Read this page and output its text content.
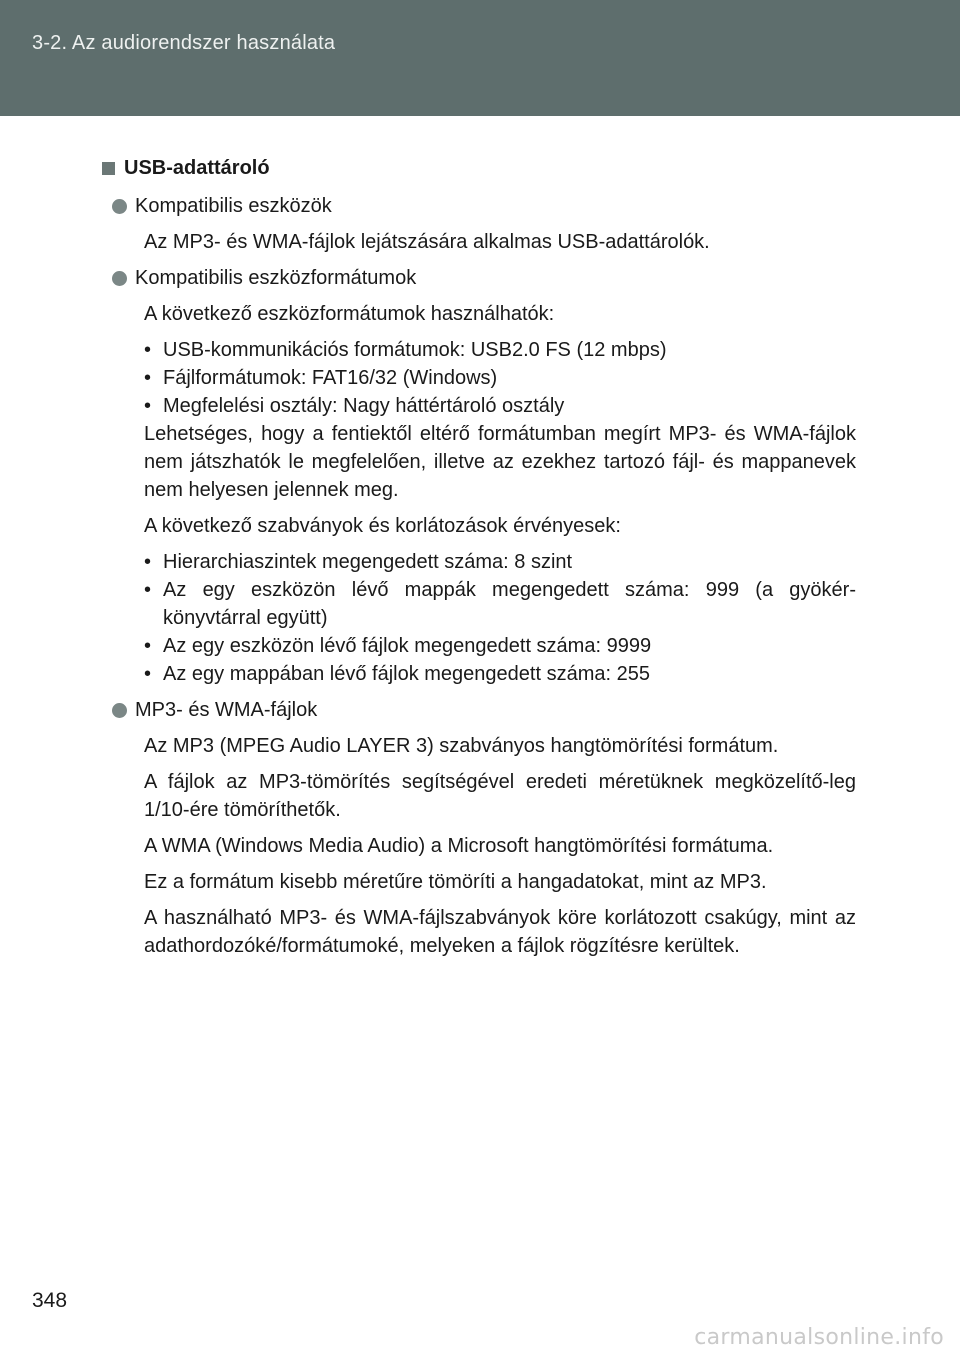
3-2. Az audiorendszer használata
USB-adattároló
Kompatibilis eszközök
Az MP3- és WMA-fájlok lejátszására alkalmas USB-adattárolók.
Kompatibilis eszközformátumok
A következő eszközformátumok használhatók:
• USB-kommunikációs formátumok: USB2.0 FS (12 mbps)
• Fájlformátumok: FAT16/32 (Windows)
• Megfelelési osztály: Nagy háttértároló osztály
Lehetséges, hogy a fentiektől eltérő formátumban megírt MP3- és WMA-fájlok nem játszhatók le megfelelően, illetve az ezekhez tartozó fájl- és mappanevek nem helyesen jelennek meg.
A következő szabványok és korlátozások érvényesek:
• Hierarchiaszintek megengedett száma: 8 szint
• Az egy eszközön lévő mappák megengedett száma: 999 (a gyökér-könyvtárral együtt)
• Az egy eszközön lévő fájlok megengedett száma: 9999
• Az egy mappában lévő fájlok megengedett száma: 255
MP3- és WMA-fájlok
Az MP3 (MPEG Audio LAYER 3) szabványos hangtömörítési formátum.
A fájlok az MP3-tömörítés segítségével eredeti méretüknek megközelítő-leg 1/10-ére tömöríthetők.
A WMA (Windows Media Audio) a Microsoft hangtömörítési formátuma.
Ez a formátum kisebb méretűre tömöríti a hangadatokat, mint az MP3.
A használható MP3- és WMA-fájlszabványok köre korlátozott csakúgy, mint az adathordozóké/formátumoké, melyeken a fájlok rögzítésre kerültek.
348
carmanualsonline.info
